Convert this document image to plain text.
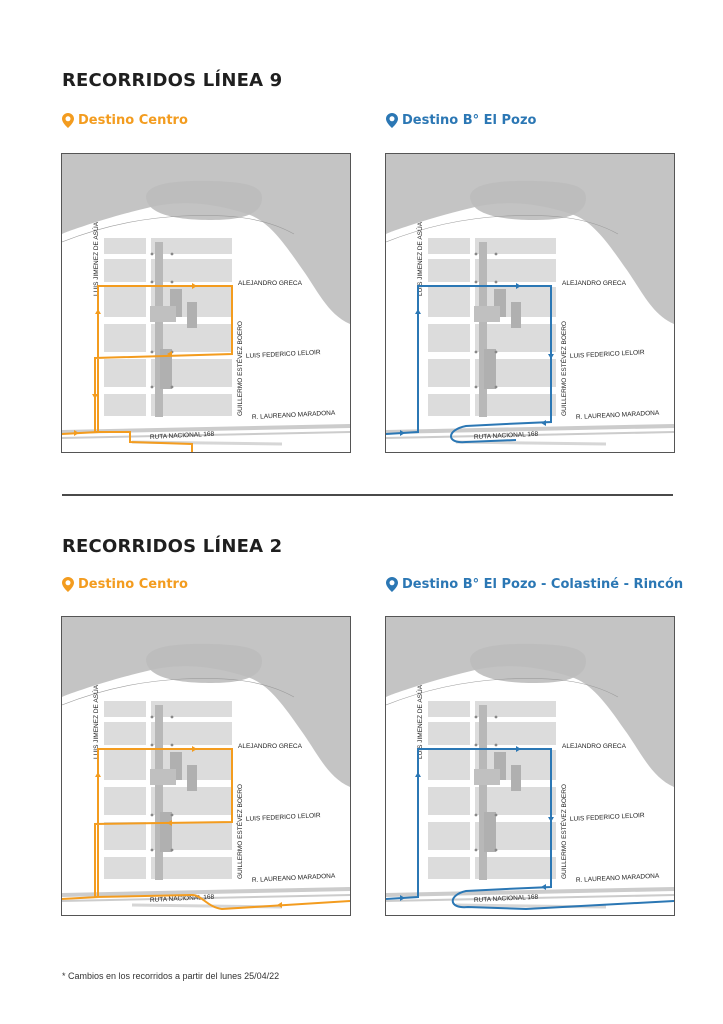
RECORRIDOS LÍNEA 9
Destino Centro	Destino B° El Pozo
LUIS JIMENEZ DE ASÚA	ALEJANDRO GRECA
GUILLERMO ESTÉVEZ BOERO LUIS FEDERICO LELOIR
R. LAUREANO MARADONA
RUTA NACIONAL 168
LUIS JIMENEZ DE ASÚA	ALEJANDRO GRECA
GUILLERMO ESTÉVEZ BOERO LUIS FEDERICO LELOIR
R. LAUREANO MARADONA
RUTA NACIONAL 168
RECORRIDOS LÍNEA 2
Destino Centro	Destino B° El Pozo - Colastiné - Rincón
LUIS JIMENEZ DE ASÚA	ALEJANDRO GRECA
GUILLERMO ESTÉVEZ BOERO LUIS FEDERICO LELOIR
R. LAUREANO MARADONA
RUTA NACIONAL 168
LUIS JIMENEZ DE ASÚA	ALEJANDRO GRECA
GUILLERMO ESTÉVEZ BOERO LUIS FEDERICO LELOIR
R. LAUREANO MARADONA
RUTA NACIONAL 168
* Cambios en los recorridos a partir del lunes 25/04/22
